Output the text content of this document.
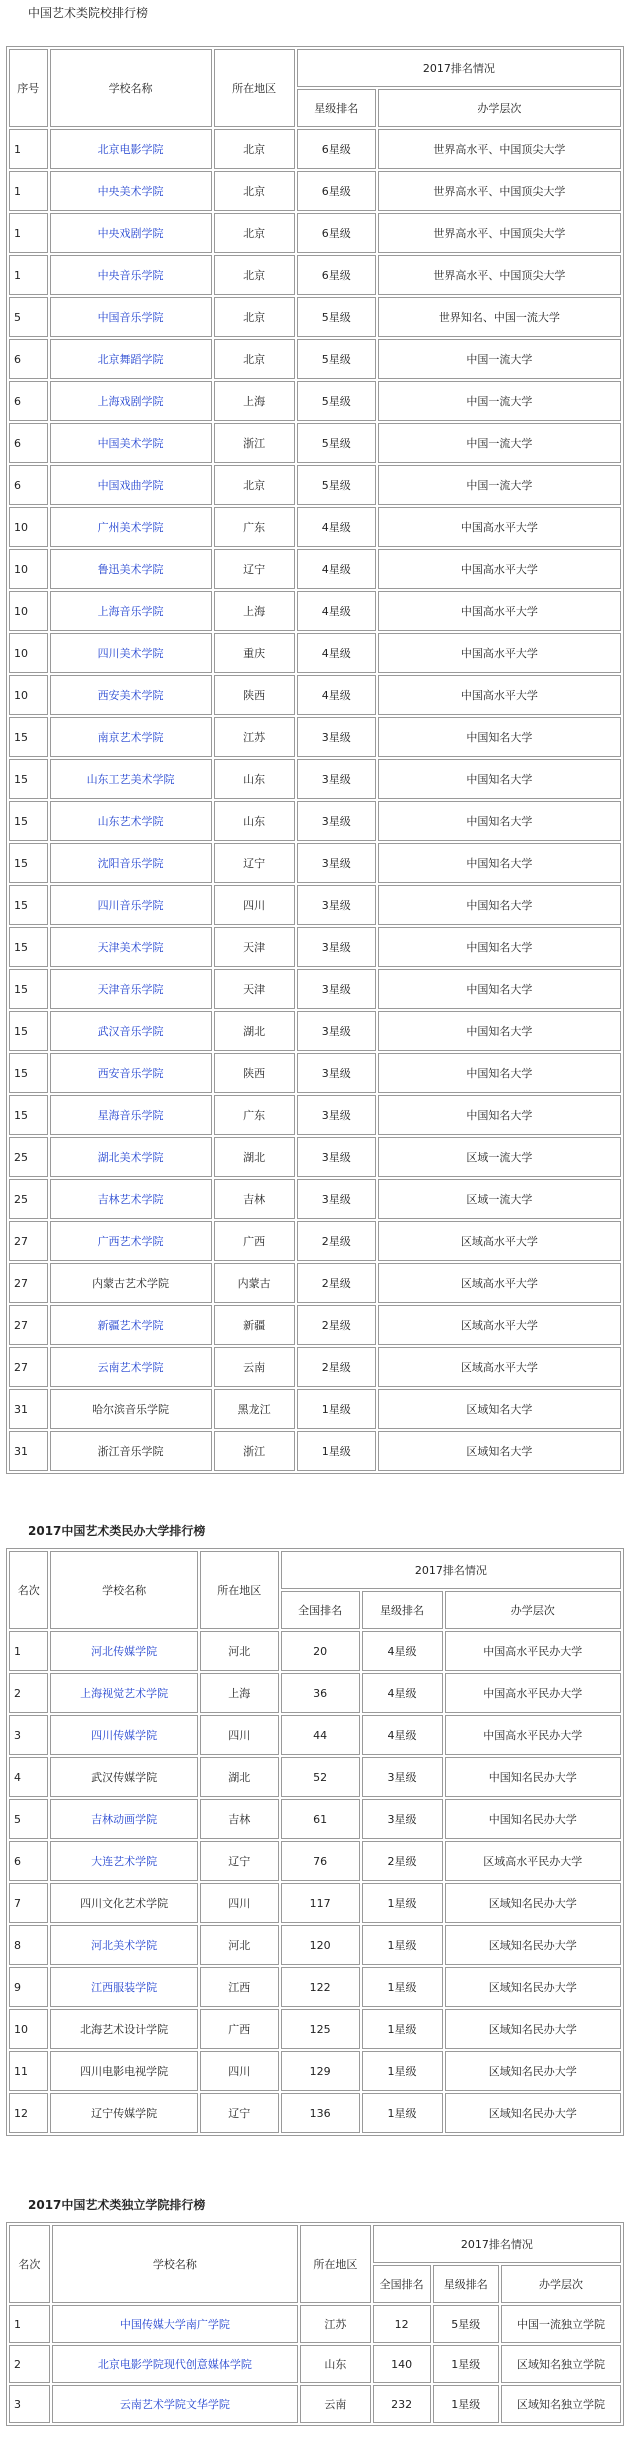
中国艺术类院校排行榜
序号	学校名称	所在地区	2017排名情况	
			星级排名	办学层次
1	北京电影学院	北京	6星级	世界高水平、中国顶尖大学
1	中央美术学院	北京	6星级	世界高水平、中国顶尖大学
1	中央戏剧学院	北京	6星级	世界高水平、中国顶尖大学
1	中央音乐学院	北京	6星级	世界高水平、中国顶尖大学
5	中国音乐学院	北京	5星级	世界知名、中国一流大学
6	北京舞蹈学院	北京	5星级	中国一流大学
6	上海戏剧学院	上海	5星级	中国一流大学
6	中国美术学院	浙江	5星级	中国一流大学
6	中国戏曲学院	北京	5星级	中国一流大学
10	广州美术学院	广东	4星级	中国高水平大学
10	鲁迅美术学院	辽宁	4星级	中国高水平大学
10	上海音乐学院	上海	4星级	中国高水平大学
10	四川美术学院	重庆	4星级	中国高水平大学
10	西安美术学院	陕西	4星级	中国高水平大学
15	南京艺术学院	江苏	3星级	中国知名大学
15	山东工艺美术学院	山东	3星级	中国知名大学
15	山东艺术学院	山东	3星级	中国知名大学
15	沈阳音乐学院	辽宁	3星级	中国知名大学
15	四川音乐学院	四川	3星级	中国知名大学
15	天津美术学院	天津	3星级	中国知名大学
15	天津音乐学院	天津	3星级	中国知名大学
15	武汉音乐学院	湖北	3星级	中国知名大学
15	西安音乐学院	陕西	3星级	中国知名大学
15	星海音乐学院	广东	3星级	中国知名大学
25	湖北美术学院	湖北	3星级	区域一流大学
25	吉林艺术学院	吉林	3星级	区域一流大学
27	广西艺术学院	广西	2星级	区域高水平大学
27	内蒙古艺术学院	内蒙古	2星级	区域高水平大学
27	新疆艺术学院	新疆	2星级	区域高水平大学
27	云南艺术学院	云南	2星级	区域高水平大学
31	哈尔滨音乐学院	黑龙江	1星级	区域知名大学
31	浙江音乐学院	浙江	1星级	区域知名大学
2017中国艺术类民办大学排行榜
名次	学校名称	所在地区	2017排名情况		
			全国排名	星级排名	办学层次
1	河北传媒学院	河北	20	4星级	中国高水平民办大学
2	上海视觉艺术学院	上海	36	4星级	中国高水平民办大学
3	四川传媒学院	四川	44	4星级	中国高水平民办大学
4	武汉传媒学院	湖北	52	3星级	中国知名民办大学
5	吉林动画学院	吉林	61	3星级	中国知名民办大学
6	大连艺术学院	辽宁	76	2星级	区域高水平民办大学
7	四川文化艺术学院	四川	117	1星级	区域知名民办大学
8	河北美术学院	河北	120	1星级	区域知名民办大学
9	江西服装学院	江西	122	1星级	区域知名民办大学
10	北海艺术设计学院	广西	125	1星级	区域知名民办大学
11	四川电影电视学院	四川	129	1星级	区域知名民办大学
12	辽宁传媒学院	辽宁	136	1星级	区域知名民办大学
2017中国艺术类独立学院排行榜
名次	学校名称	所在地区	2017排名情况		
			全国排名	星级排名	办学层次
1	中国传媒大学南广学院	江苏	12	5星级	中国一流独立学院
2	北京电影学院现代创意媒体学院	山东	140	1星级	区域知名独立学院
3	云南艺术学院文华学院	云南	232	1星级	区域知名独立学院
